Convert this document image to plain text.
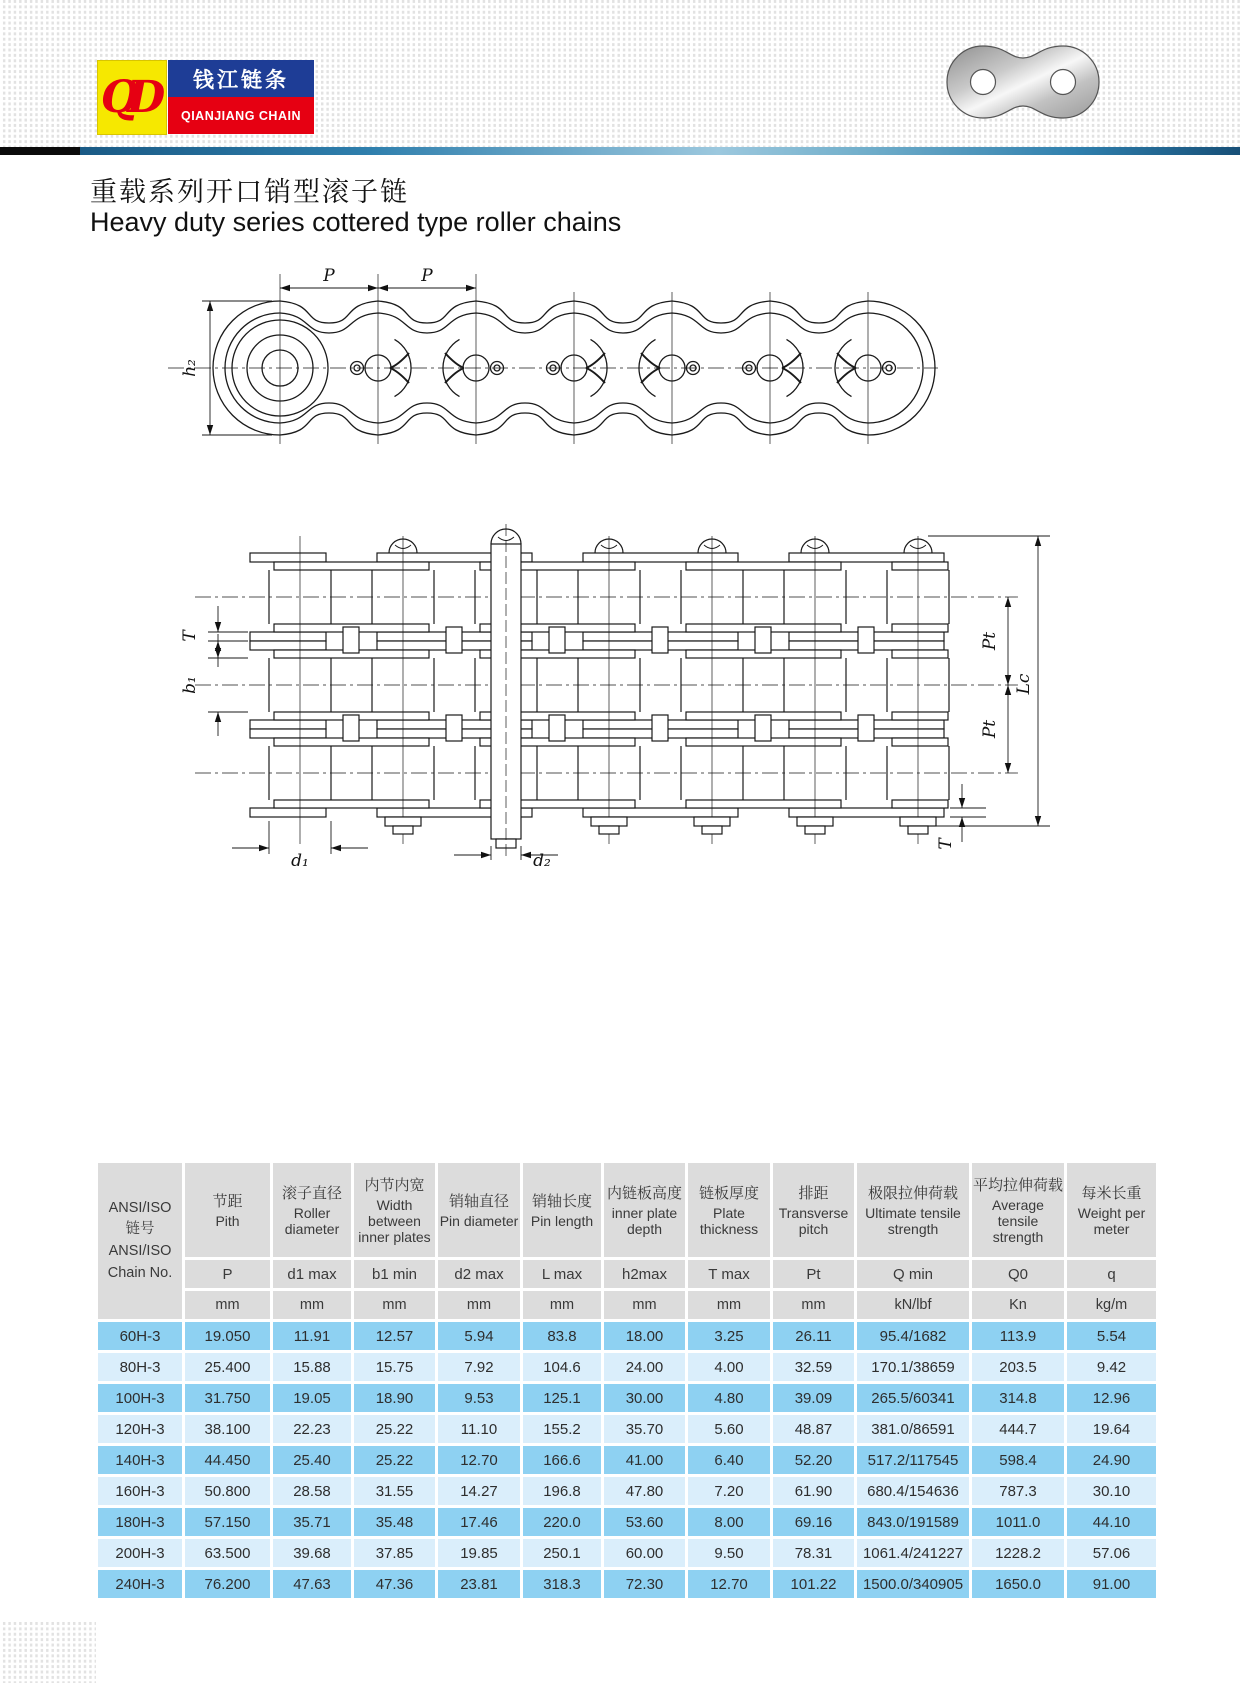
QD	钱江链条
QIANJIANG CHAIN
重载系列开口销型滚子链
Heavy duty series cottered type roller chains
P	P
h₂
T
b₁
Pt
Pt
Lc
T
d₁	d₂
ANSI/ISO
链号
ANSI/ISO
Chain No.

节距
Pith

滚子直径
Roller diameter

内节内宽
Width between inner plates

销轴直径
Pin diameter

销轴长度
Pin length

内链板高度
inner plate depth

链板厚度
Plate thickness

排距
Transverse pitch

极限拉伸荷载
Ultimate tensile strength

平均拉伸荷载
Average tensile strength

每米长重
Weight per meter

	P	d1 max	b1 min	d2 max	L max	h2max	T max	Pt	Q min	Q0	q
	mm	mm	mm	mm	mm	mm	mm	mm	kN/lbf	Kn	kg/m
60H-3	19.050	11.91	12.57	5.94	83.8	18.00	3.25	26.11	95.4/1682	113.9	5.54
80H-3	25.400	15.88	15.75	7.92	104.6	24.00	4.00	32.59	170.1/38659	203.5	9.42
100H-3	31.750	19.05	18.90	9.53	125.1	30.00	4.80	39.09	265.5/60341	314.8	12.96
120H-3	38.100	22.23	25.22	11.10	155.2	35.70	5.60	48.87	381.0/86591	444.7	19.64
140H-3	44.450	25.40	25.22	12.70	166.6	41.00	6.40	52.20	517.2/117545	598.4	24.90
160H-3	50.800	28.58	31.55	14.27	196.8	47.80	7.20	61.90	680.4/154636	787.3	30.10
180H-3	57.150	35.71	35.48	17.46	220.0	53.60	8.00	69.16	843.0/191589	1011.0	44.10
200H-3	63.500	39.68	37.85	19.85	250.1	60.00	9.50	78.31	1061.4/241227	1228.2	57.06
240H-3	76.200	47.63	47.36	23.81	318.3	72.30	12.70	101.22	1500.0/340905	1650.0	91.00
